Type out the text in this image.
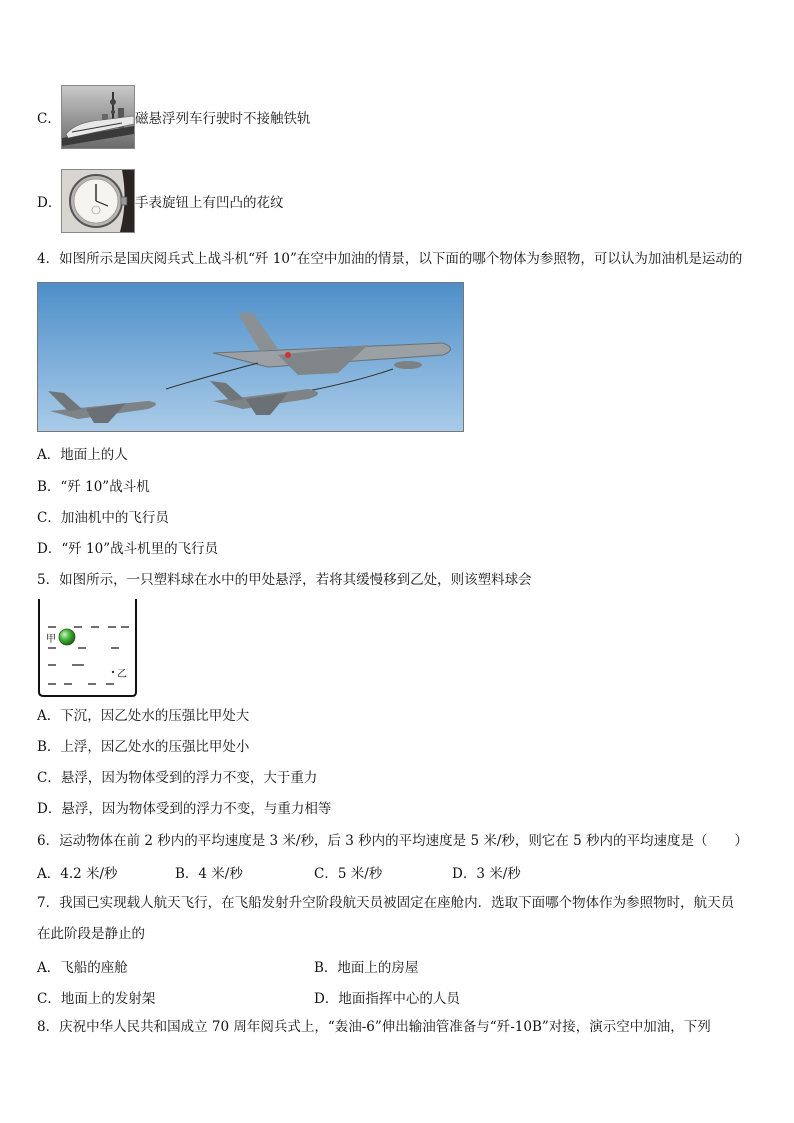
C．	磁悬浮列车行驶时不接触铁轨
D．	手表旋钮上有凹凸的花纹
4．如图所示是国庆阅兵式上战斗机“歼 10”在空中加油的情景，以下面的哪个物体为参照物，可以认为加油机是运动的
A．地面上的人
B．“歼 10”战斗机
C．加油机中的飞行员
D．“歼 10”战斗机里的飞行员
5．如图所示，一只塑料球在水中的甲处悬浮，若将其缓慢移到乙处，则该塑料球会
甲
乙
A．下沉，因乙处水的压强比甲处大
B．上浮，因乙处水的压强比甲处小
C．悬浮，因为物体受到的浮力不变，大于重力
D．悬浮，因为物体受到的浮力不变，与重力相等
6．运动物体在前 2 秒内的平均速度是 3 米/秒，后 3 秒内的平均速度是 5 米/秒，则它在 5 秒内的平均速度是（　　）
A．4.2 米/秒	B．4 米/秒	C．5 米/秒	D．3 米/秒
7．我国已实现载人航天飞行，在飞船发射升空阶段航天员被固定在座舱内．选取下面哪个物体作为参照物时，航天员
在此阶段是静止的
A．飞船的座舱	B．地面上的房屋
C．地面上的发射架	D．地面指挥中心的人员
8．庆祝中华人民共和国成立 70 周年阅兵式上，“轰油-6”伸出输油管准备与“歼-10B”对接，演示空中加油，下列
